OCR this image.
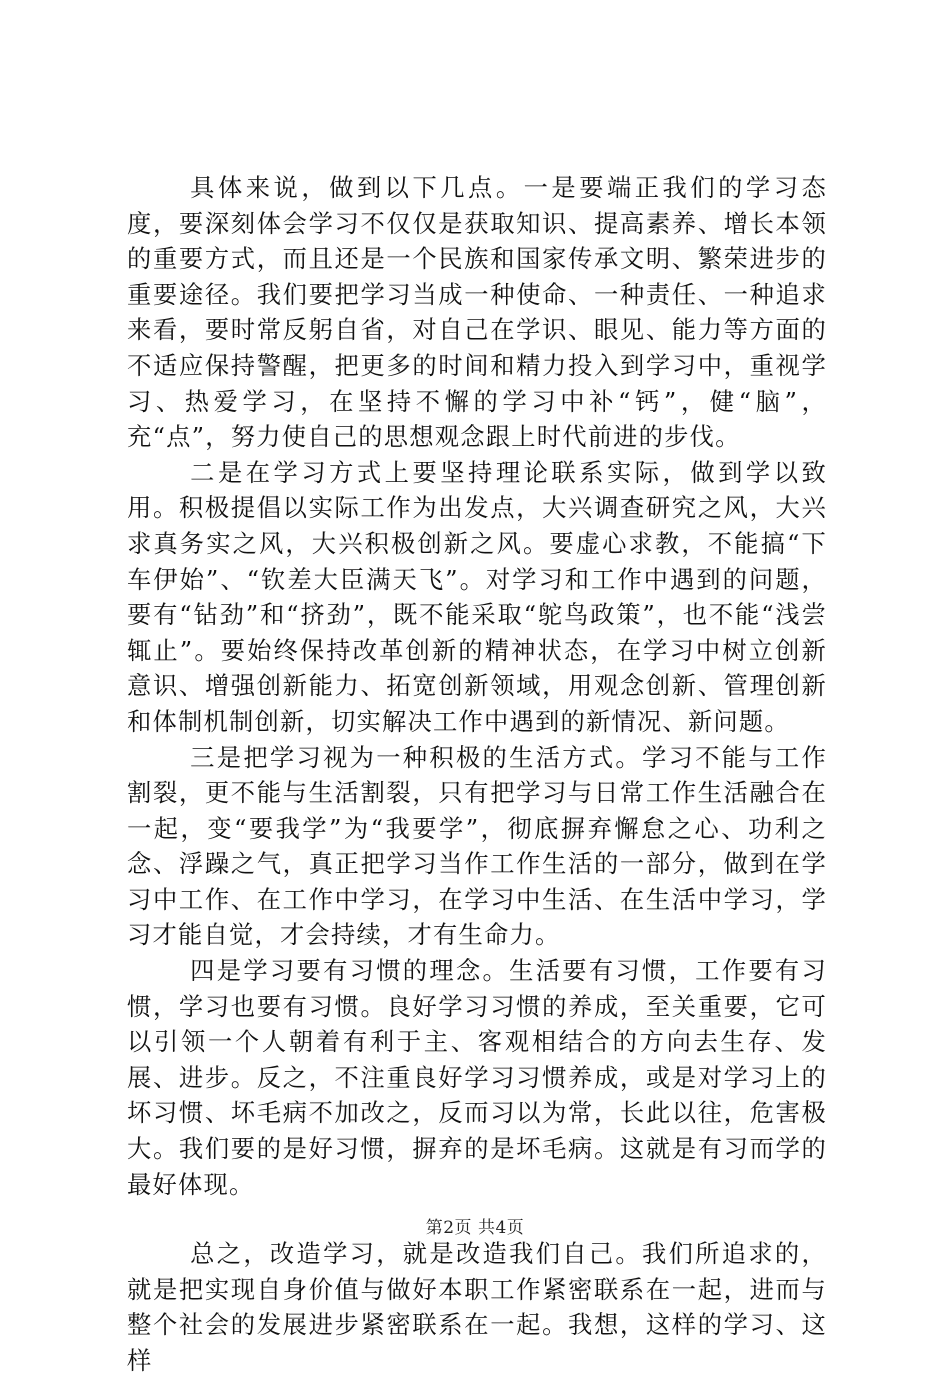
具体来说，做到以下几点。一是要端正我们的学习态度，要深刻体会学习不仅仅是获取知识、提高素养、增长本领的重要方式，而且还是一个民族和国家传承文明、繁荣进步的重要途径。我们要把学习当成一种使命、一种责任、一种追求来看，要时常反躬自省，对自己在学识、眼见、能力等方面的不适应保持警醒，把更多的时间和精力投入到学习中，重视学习、热爱学习，在坚持不懈的学习中补“钙”，健“脑”，充“点”，努力使自己的思想观念跟上时代前进的步伐。

二是在学习方式上要坚持理论联系实际，做到学以致用。积极提倡以实际工作为出发点，大兴调查研究之风，大兴求真务实之风，大兴积极创新之风。要虚心求教，不能搞“下车伊始”、“钦差大臣满天飞”。对学习和工作中遇到的问题，要有“钻劲”和“挤劲”，既不能采取“鸵鸟政策”，也不能“浅尝辄止”。要始终保持改革创新的精神状态，在学习中树立创新意识、增强创新能力、拓宽创新领域，用观念创新、管理创新和体制机制创新，切实解决工作中遇到的新情况、新问题。

三是把学习视为一种积极的生活方式。学习不能与工作割裂，更不能与生活割裂，只有把学习与日常工作生活融合在一起，变“要我学”为“我要学”，彻底摒弃懈怠之心、功利之念、浮躁之气，真正把学习当作工作生活的一部分，做到在学习中工作、在工作中学习，在学习中生活、在生活中学习，学习才能自觉，才会持续，才有生命力。

四是学习要有习惯的理念。生活要有习惯，工作要有习惯，学习也要有习惯。良好学习习惯的养成，至关重要，它可以引领一个人朝着有利于主、客观相结合的方向去生存、发展、进步。反之，不注重良好学习习惯养成，或是对学习上的坏习惯、坏毛病不加改之，反而习以为常，长此以往，危害极大。我们要的是好习惯，摒弃的是坏毛病。这就是有习而学的最好体现。

总之，改造学习，就是改造我们自己。我们所追求的，就是把实现自身价值与做好本职工作紧密联系在一起，进而与整个社会的发展进步紧密联系在一起。我想，这样的学习、这样

第2页 共4页
